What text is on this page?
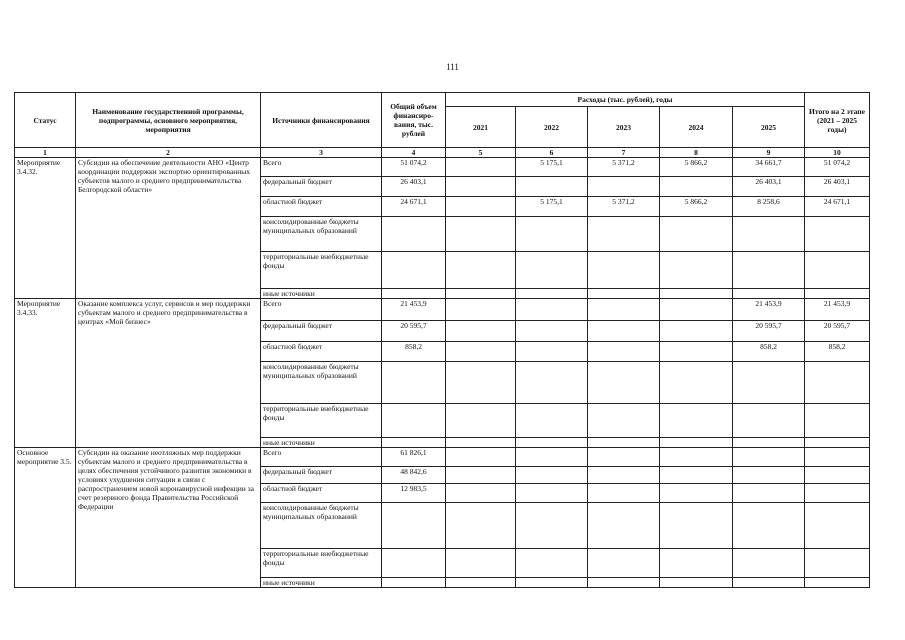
111
Статус	Наименование государственной программы, подпрограммы, основного мероприятия, мероприятия	Источники финансирования	Общий объем финансиро-вания, тыс. рублей	Расходы (тыс. рублей), годы					Итого на 2 этапе (2021 – 2025 годы)
				2021	2022	2023	2024	2025	
1	2	3	4	5	6	7	8	9	10
Мероприятие 3.4.32.	Субсидии на обеспечение деятельности АНО «Центр координации поддержки экспортно ориентированных субъектов малого и среднего предпринимательства Белгородской области»	Всего	51 074,2		5 175,1	5 371,2	5 866,2	34 661,7	51 074,2
		федеральный бюджет	26 403,1					26 403,1	26 403,1
		областной бюджет	24 671,1		5 175,1	5 371,2	5 866,2	8 258,6	24 671,1
		консолидированные бюджеты муниципальных образований							
		территориальные внебюджетные фонды							
		иные источники							
Мероприятие 3.4.33.	Оказание комплекса услуг, сервисов и мер поддержки субъектам малого и среднего предпринимательства в центрах «Мой бизнес»	Всего	21 453,9					21 453,9	21 453,9
		федеральный бюджет	20 595,7					20 595,7	20 595,7
		областной бюджет	858,2					858,2	858,2
		консолидированные бюджеты муниципальных образований							
		территориальные внебюджетные фонды							
		иные источники							
Основное мероприятие 3.5.	Субсидии на оказание неотложных мер поддержки субъектам малого и среднего предпринимательства в целях обеспечения устойчивого развития экономики в условиях ухудшения ситуации в связи с распространением новой коронавирусной инфекции за счет резервного фонда Правительства Российской Федерации	Всего	61 826,1						
		федеральный бюджет	48 842,6						
		областной бюджет	12 983,5						
		консолидированные бюджеты муниципальных образований							
		территориальные внебюджетные фонды							
		иные источники							
